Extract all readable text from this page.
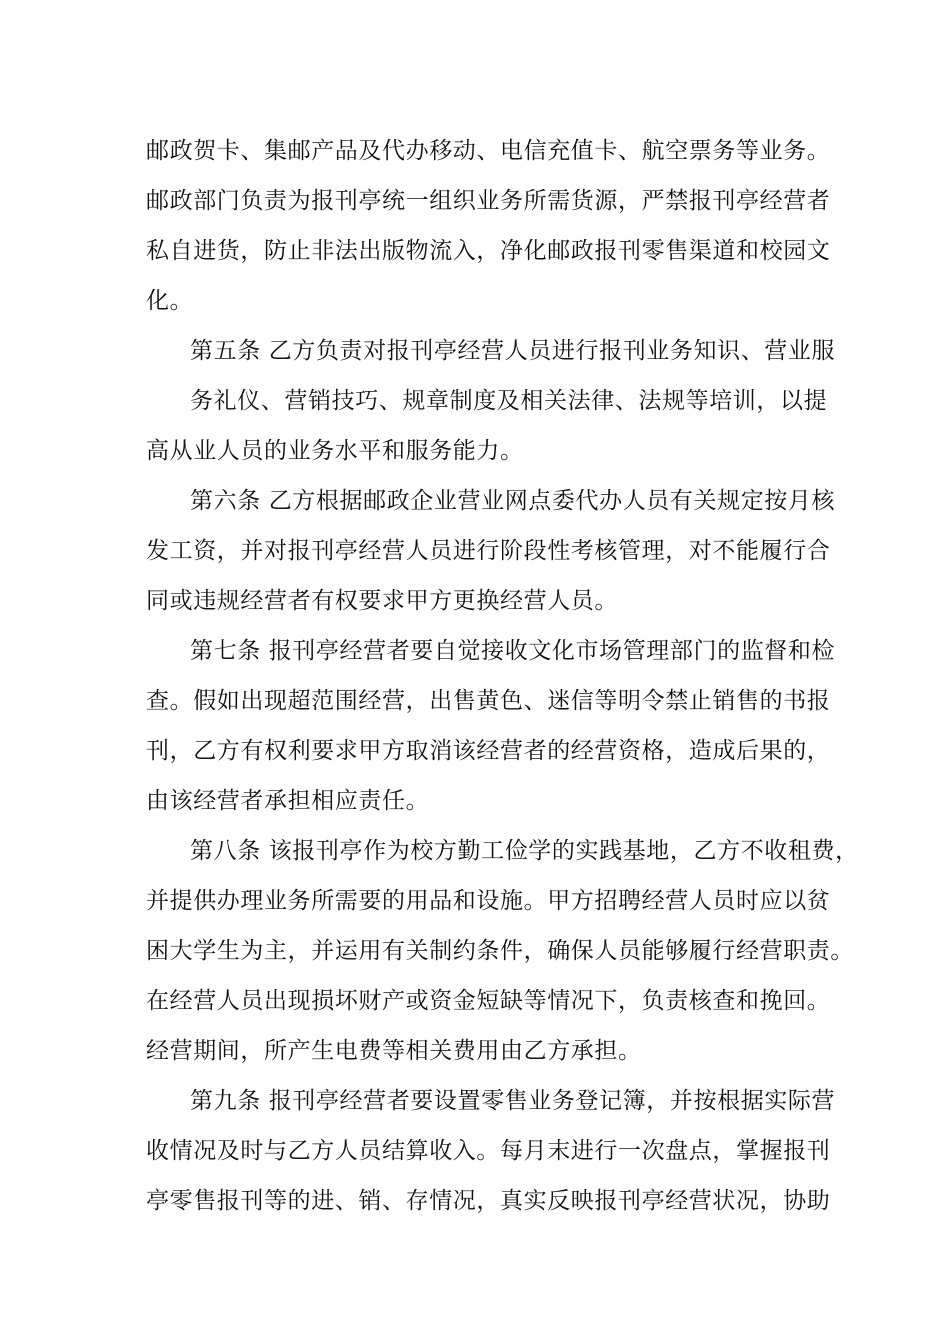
邮政贺卡、集邮产品及代办移动、电信充值卡、航空票务等业务。
邮政部门负责为报刊亭统一组织业务所需货源，严禁报刊亭经营者
私自进货，防止非法出版物流入，净化邮政报刊零售渠道和校园文
化。
第五条 乙方负责对报刊亭经营人员进行报刊业务知识、营业服
务礼仪、营销技巧、规章制度及相关法律、法规等培训，以提
高从业人员的业务水平和服务能力。
第六条 乙方根据邮政企业营业网点委代办人员有关规定按月核
发工资，并对报刊亭经营人员进行阶段性考核管理，对不能履行合
同或违规经营者有权要求甲方更换经营人员。
第七条 报刊亭经营者要自觉接收文化市场管理部门的监督和检
查。假如出现超范围经营，出售黄色、迷信等明令禁止销售的书报
刊，乙方有权利要求甲方取消该经营者的经营资格，造成后果的，
由该经营者承担相应责任。
第八条 该报刊亭作为校方勤工俭学的实践基地，乙方不收租费，
并提供办理业务所需要的用品和设施。甲方招聘经营人员时应以贫
困大学生为主，并运用有关制约条件，确保人员能够履行经营职责。
在经营人员出现损坏财产或资金短缺等情况下，负责核查和挽回。
经营期间，所产生电费等相关费用由乙方承担。
第九条 报刊亭经营者要设置零售业务登记簿，并按根据实际营
收情况及时与乙方人员结算收入。每月末进行一次盘点，掌握报刊
亭零售报刊等的进、销、存情况，真实反映报刊亭经营状况，协助
